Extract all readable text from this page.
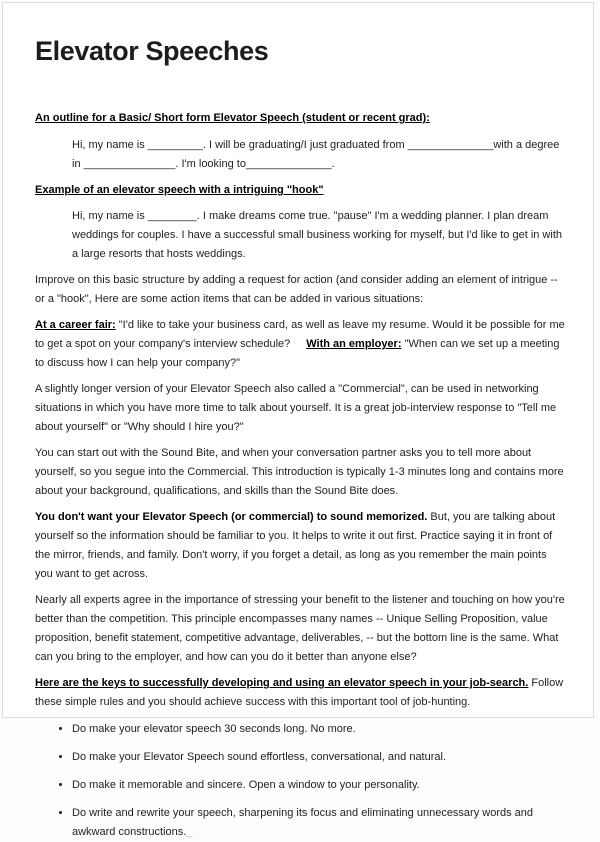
Elevator Speeches

An outline for a Basic/ Short form Elevator Speech (student or recent grad):

Hi, my name is _________. I will be graduating/I just graduated from ______________with a degree in _______________. I'm looking to______________.

Example of an elevator speech with a intriguing "hook"

Hi, my name is ________. I make dreams come true. "pause" I'm a wedding planner. I plan dream weddings for couples. I have a successful small business working for myself, but I'd like to get in with a large resorts that hosts weddings.

Improve on this basic structure by adding a request for action (and consider adding an element of intrigue -- or a "hook", Here are some action items that can be added in various situations:

At a career fair: "I'd like to take your business card, as well as leave my resume. Would it be possible for me to get a spot on your company's interview schedule? With an employer: "When can we set up a meeting to discuss how I can help your company?"

A slightly longer version of your Elevator Speech also called a "Commercial", can be used in networking situations in which you have more time to talk about yourself. It is a great job-interview response to "Tell me about yourself" or "Why should I hire you?"

You can start out with the Sound Bite, and when your conversation partner asks you to tell more about yourself, so you segue into the Commercial. This introduction is typically 1-3 minutes long and contains more about your background, qualifications, and skills than the Sound Bite does.

You don't want your Elevator Speech (or commercial) to sound memorized. But, you are talking about yourself so the information should be familiar to you. It helps to write it out first. Practice saying it in front of the mirror, friends, and family. Don't worry, if you forget a detail, as long as you remember the main points you want to get across.

Nearly all experts agree in the importance of stressing your benefit to the listener and touching on how you're better than the competition. This principle encompasses many names -- Unique Selling Proposition, value proposition, benefit statement, competitive advantage, deliverables, -- but the bottom line is the same. What can you bring to the employer, and how can you do it better than anyone else?

Here are the keys to successfully developing and using an elevator speech in your job-search. Follow these simple rules and you should achieve success with this important tool of job-hunting.

• Do make your elevator speech 30 seconds long. No more.
• Do make your Elevator Speech sound effortless, conversational, and natural.
• Do make it memorable and sincere. Open a window to your personality.
• Do write and rewrite your speech, sharpening its focus and eliminating unnecessary words and awkward constructions._
